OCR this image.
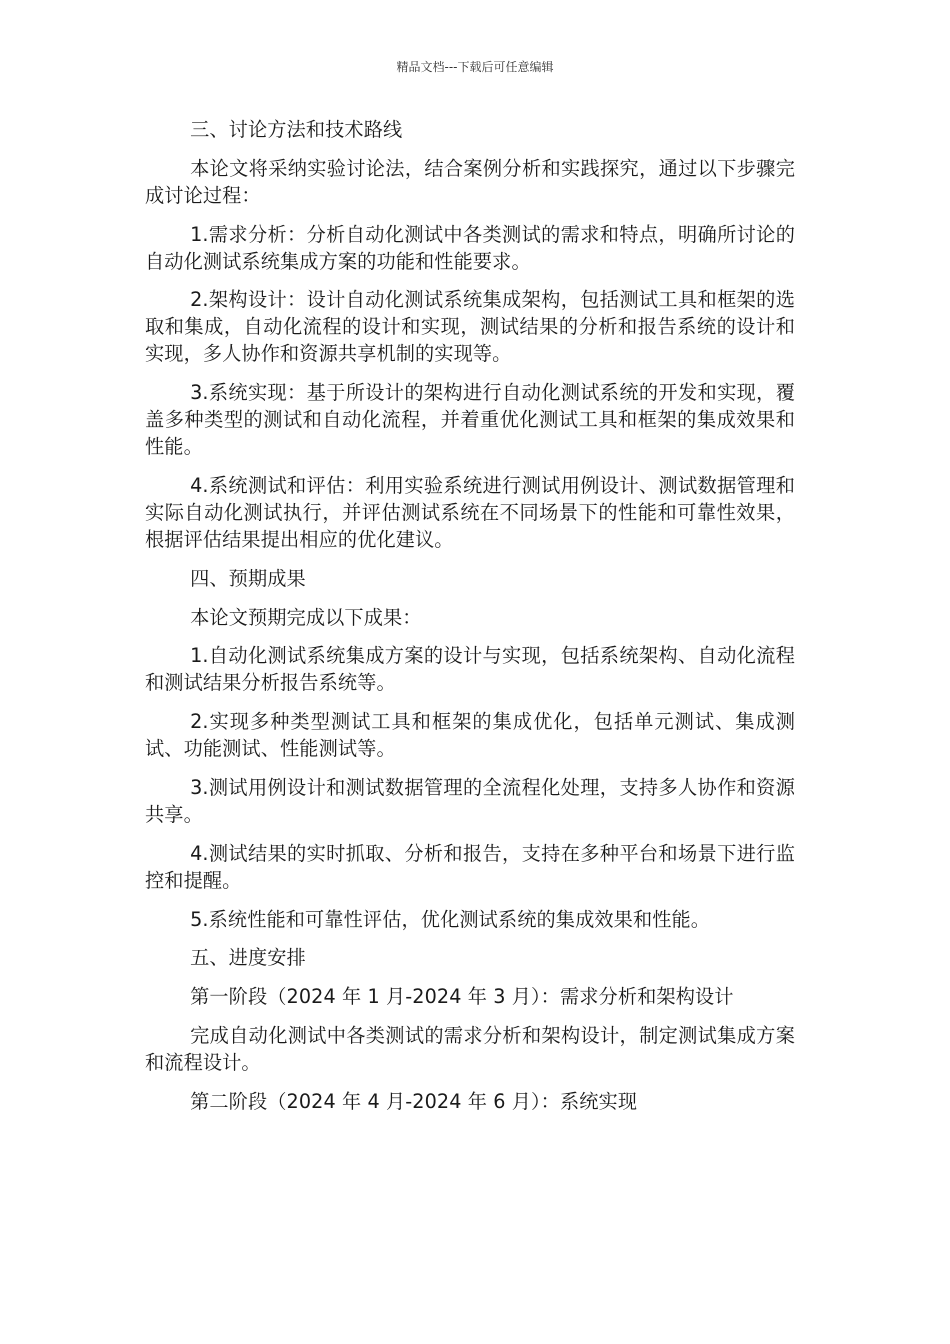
精品文档---下载后可任意编辑

三、讨论方法和技术路线

本论文将采纳实验讨论法，结合案例分析和实践探究，通过以下步骤完成讨论过程：

1.需求分析：分析自动化测试中各类测试的需求和特点，明确所讨论的自动化测试系统集成方案的功能和性能要求。

2.架构设计：设计自动化测试系统集成架构，包括测试工具和框架的选取和集成，自动化流程的设计和实现，测试结果的分析和报告系统的设计和实现，多人协作和资源共享机制的实现等。

3.系统实现：基于所设计的架构进行自动化测试系统的开发和实现，覆盖多种类型的测试和自动化流程，并着重优化测试工具和框架的集成效果和性能。

4.系统测试和评估：利用实验系统进行测试用例设计、测试数据管理和实际自动化测试执行，并评估测试系统在不同场景下的性能和可靠性效果，根据评估结果提出相应的优化建议。

四、预期成果

本论文预期完成以下成果：

1.自动化测试系统集成方案的设计与实现，包括系统架构、自动化流程和测试结果分析报告系统等。

2.实现多种类型测试工具和框架的集成优化，包括单元测试、集成测试、功能测试、性能测试等。

3.测试用例设计和测试数据管理的全流程化处理，支持多人协作和资源共享。

4.测试结果的实时抓取、分析和报告，支持在多种平台和场景下进行监控和提醒。

5.系统性能和可靠性评估，优化测试系统的集成效果和性能。

五、进度安排

第一阶段（2024 年 1 月-2024 年 3 月）：需求分析和架构设计

完成自动化测试中各类测试的需求分析和架构设计，制定测试集成方案和流程设计。

第二阶段（2024 年 4 月-2024 年 6 月）：系统实现
